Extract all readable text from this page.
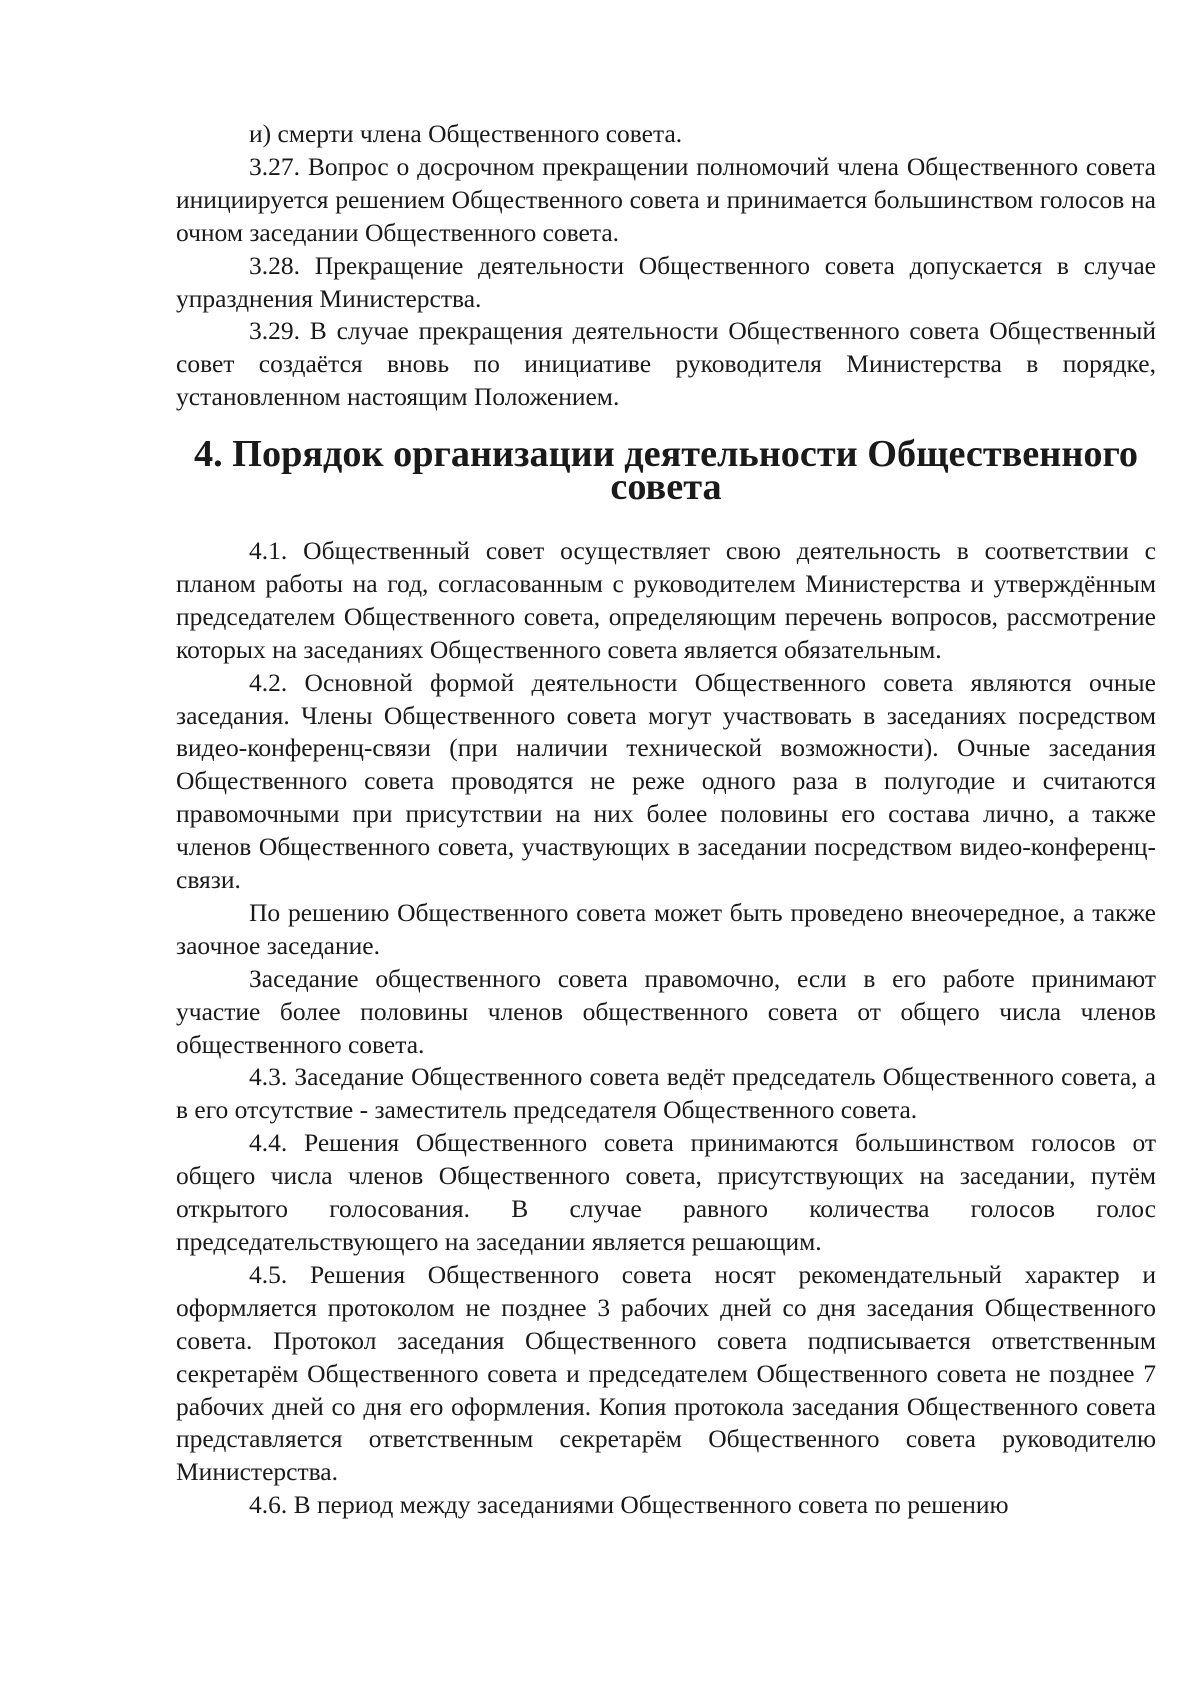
и) смерти члена Общественного совета.

3.27. Вопрос о досрочном прекращении полномочий члена Общественного совета инициируется решением Общественного совета и принимается большинством голосов на очном заседании Общественного совета.

3.28. Прекращение деятельности Общественного совета допускается в случае упразднения Министерства.

3.29. В случае прекращения деятельности Общественного совета Общественный совет создаётся вновь по инициативе руководителя Министерства в порядке, установленном настоящим Положением.

4. Порядок организации деятельности Общественного совета

4.1. Общественный совет осуществляет свою деятельность в соответствии с планом работы на год, согласованным с руководителем Министерства и утверждённым председателем Общественного совета, определяющим перечень вопросов, рассмотрение которых на заседаниях Общественного совета является обязательным.

4.2. Основной формой деятельности Общественного совета являются очные заседания. Члены Общественного совета могут участвовать в заседаниях посредством видео-конференц-связи (при наличии технической возможности). Очные заседания Общественного совета проводятся не реже одного раза в полугодие и считаются правомочными при присутствии на них более половины его состава лично, а также членов Общественного совета, участвующих в заседании посредством видео-конференц-связи.

По решению Общественного совета может быть проведено внеочередное, а также заочное заседание.

Заседание общественного совета правомочно, если в его работе принимают участие более половины членов общественного совета от общего числа членов общественного совета.

4.3. Заседание Общественного совета ведёт председатель Общественного совета, а в его отсутствие - заместитель председателя Общественного совета.

4.4. Решения Общественного совета принимаются большинством голосов от общего числа членов Общественного совета, присутствующих на заседании, путём открытого голосования. В случае равного количества голосов голос председательствующего на заседании является решающим.

4.5. Решения Общественного совета носят рекомендательный характер и оформляется протоколом не позднее 3 рабочих дней со дня заседания Общественного совета. Протокол заседания Общественного совета подписывается ответственным секретарём Общественного совета и председателем Общественного совета не позднее 7 рабочих дней со дня его оформления. Копия протокола заседания Общественного совета представляется ответственным секретарём Общественного совета руководителю Министерства.

4.6. В период между заседаниями Общественного совета по решению
